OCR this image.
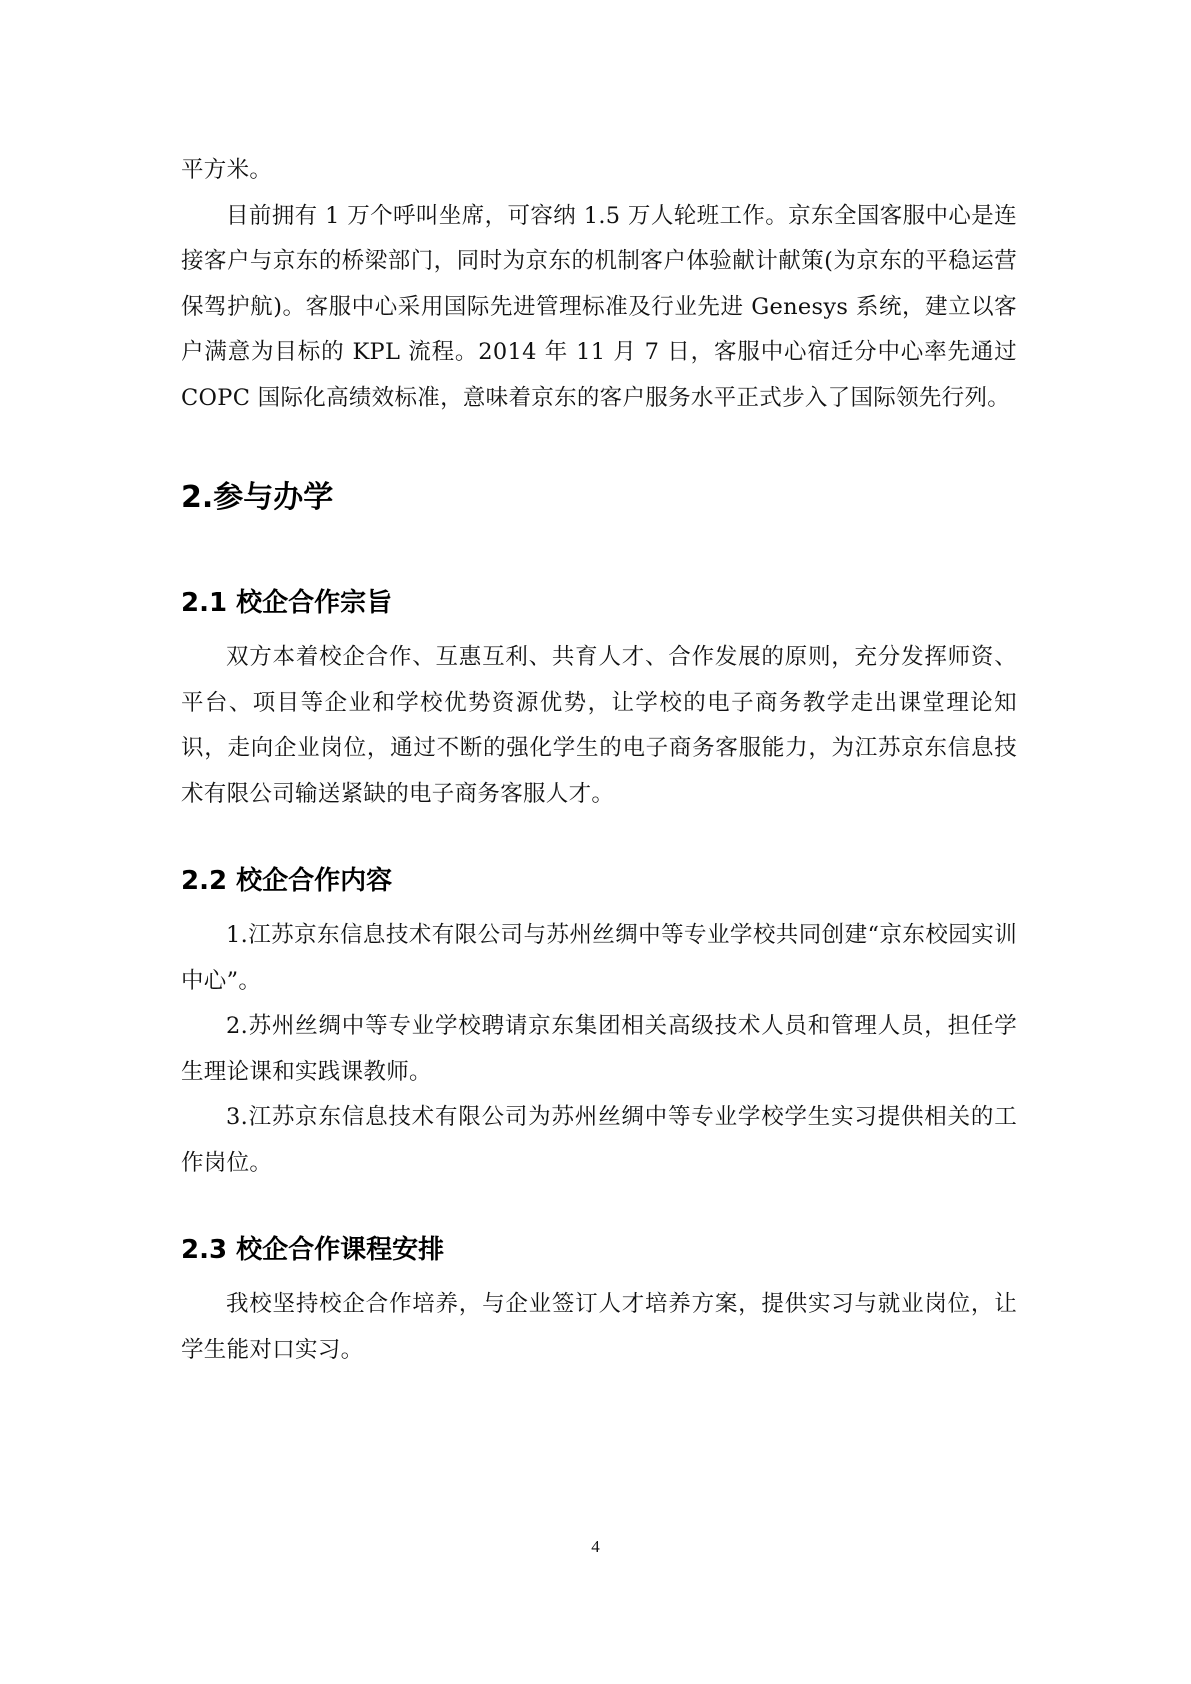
平方米。

目前拥有 1 万个呼叫坐席，可容纳 1.5 万人轮班工作。京东全国客服中心是连接客户与京东的桥梁部门，同时为京东的机制客户体验献计献策(为京东的平稳运营保驾护航)。客服中心采用国际先进管理标准及行业先进 Genesys 系统，建立以客户满意为目标的 KPL 流程。2014 年 11 月 7 日，客服中心宿迁分中心率先通过 COPC 国际化高绩效标准，意味着京东的客户服务水平正式步入了国际领先行列。

2.参与办学
2.1 校企合作宗旨

双方本着校企合作、互惠互利、共育人才、合作发展的原则，充分发挥师资、平台、项目等企业和学校优势资源优势，让学校的电子商务教学走出课堂理论知识，走向企业岗位，通过不断的强化学生的电子商务客服能力，为江苏京东信息技术有限公司输送紧缺的电子商务客服人才。

2.2 校企合作内容

1.江苏京东信息技术有限公司与苏州丝绸中等专业学校共同创建“京东校园实训中心”。

2.苏州丝绸中等专业学校聘请京东集团相关高级技术人员和管理人员，担任学生理论课和实践课教师。

3.江苏京东信息技术有限公司为苏州丝绸中等专业学校学生实习提供相关的工作岗位。

2.3 校企合作课程安排

我校坚持校企合作培养，与企业签订人才培养方案，提供实习与就业岗位，让学生能对口实习。

4
